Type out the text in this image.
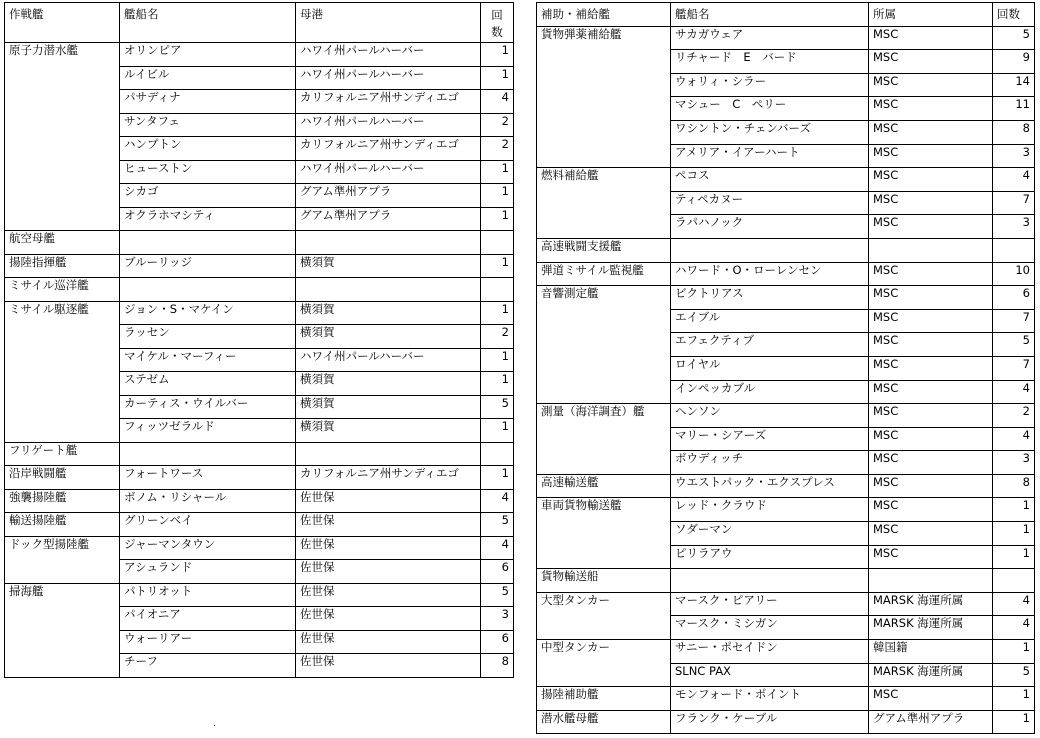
作戦艦	艦船名	母港	回
数

原子力潜水艦	オリンピア	ハワイ州パールハーバー	1
	ルイビル	ハワイ州パールハーバー	1
	パサディナ	カリフォルニア州サンディエゴ	4
	サンタフェ	ハワイ州パールハーバー	2
	ハンプトン	カリフォルニア州サンディエゴ	2
	ヒューストン	ハワイ州パールハーバー	1
	シカゴ	グアム準州アプラ	1
	オクラホマシティ	グアム準州アプラ	1
航空母艦			
揚陸指揮艦	ブルーリッジ	横須賀	1
ミサイル巡洋艦			
ミサイル駆逐艦	ジョン・S・マケイン	横須賀	1
	ラッセン	横須賀	2
	マイケル・マーフィー	ハワイ州パールハーバー	1
	ステゼム	横須賀	1
	カーティス・ウイルバー	横須賀	5
	フィッツゼラルド	横須賀	1
フリゲート艦			
沿岸戦闘艦	フォートワース	カリフォルニア州サンディエゴ	1
強襲揚陸艦	ボノム・リシャール	佐世保	4
輸送揚陸艦	グリーンベイ	佐世保	5
ドック型揚陸艦	ジャーマンタウン	佐世保	4
	アシュランド	佐世保	6
掃海艦	パトリオット	佐世保	5
	パイオニア	佐世保	3
	ウォーリアー	佐世保	6
	チーフ	佐世保	8
補助・補給艦	艦船名	所属	回数
貨物弾薬補給艦	サカガウェア	MSC	5
	リチャード　E　バード	MSC	9
	ウォリィ・シラー	MSC	14
	マシュー　C　ペリー	MSC	11
	ワシントン・チェンバーズ	MSC	8
	アメリア・イアーハート	MSC	3
燃料補給艦	ペコス	MSC	4
	ティペカヌー	MSC	7
	ラパハノック	MSC	3
高速戦闘支援艦			
弾道ミサイル監視艦	ハワード・O・ローレンセン	MSC	10
音響測定艦	ビクトリアス	MSC	6
	エイブル	MSC	7
	エフェクティブ	MSC	5
	ロイヤル	MSC	7
	インペッカブル	MSC	4
測量（海洋調査）艦	ヘンソン	MSC	2
	マリー・シアーズ	MSC	4
	ボウディッチ	MSC	3
高速輸送艦	ウエストパック・エクスプレス	MSC	8
車両貨物輸送艦	レッド・クラウド	MSC	1
	ソダーマン	MSC	1
	ピリラアウ	MSC	1
貨物輸送船			
大型タンカー	マースク・ピアリー	MARSK 海運所属	4
	マースク・ミシガン	MARSK 海運所属	4
中型タンカー	サニー・ポセイドン	韓国籍	1
	SLNC PAX	MARSK 海運所属	5
揚陸補助艦	モンフォード・ポイント	MSC	1
潜水艦母艦	フランク・ケーブル	グアム準州アプラ	1
.
